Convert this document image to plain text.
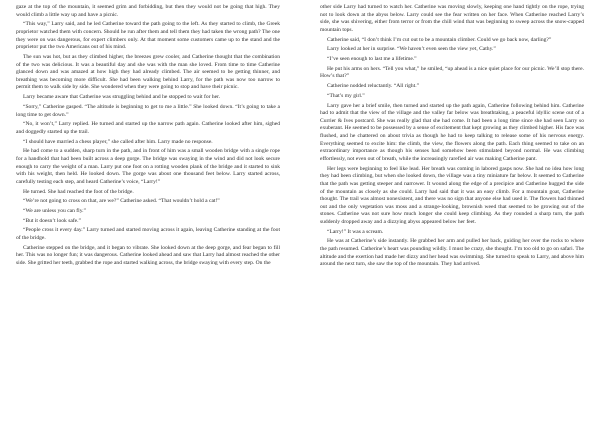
gaze at the top of the mountain, it seemed grim and forbidding, but then they would not be going that high. They would climb a little way up and have a picnic.

“This way,” Larry said, and he led Catherine toward the path going to the left. As they started to climb, the Greek proprietor watched them with concern. Should he run after them and tell them they had taken the wrong path? The one they were on was dangerous, for expert climbers only. At that moment some customers came up to the stand and the proprietor put the two Americans out of his mind.

The sun was hot, but as they climbed higher, the breezes grew cooler, and Catherine thought that the combination of the two was delicious. It was a beautiful day and she was with the man she loved. From time to time Catherine glanced down and was amazed at how high they had already climbed. The air seemed to be getting thinner, and breathing was becoming more difficult. She had been walking behind Larry, for the path was now too narrow to permit them to walk side by side. She wondered when they were going to stop and have their picnic.

Larry became aware that Catherine was struggling behind and he stopped to wait for her.

“Sorry,” Catherine gasped. “The altitude is beginning to get to me a little.” She looked down. “It’s going to take a long time to get down.”

“No, it won’t,” Larry replied. He turned and started up the narrow path again. Catherine looked after him, sighed and doggedly started up the trail.

“I should have married a chess player,” she called after him. Larry made no response.

He had come to a sudden, sharp turn in the path, and in front of him was a small wooden bridge with a single rope for a handhold that had been built across a deep gorge. The bridge was swaying in the wind and did not look secure enough to carry the weight of a man. Larry put one foot on a rotting wooden plank of the bridge and it started to sink with his weight, then held. He looked down. The gorge was about one thousand feet below. Larry started across, carefully testing each step, and heard Catherine’s voice, “Larry!”

He turned. She had reached the foot of the bridge.

“We’re not going to cross on that, are we?” Catherine asked. “That wouldn’t hold a cat!”

“We are unless you can fly.”

“But it doesn’t look safe.”

“People cross it every day.” Larry turned and started moving across it again, leaving Catherine standing at the foot of the bridge.

Catherine stepped on the bridge, and it began to vibrate. She looked down at the deep gorge, and fear began to fill her. This was no longer fun; it was dangerous. Catherine looked ahead and saw that Larry had almost reached the other side. She gritted her teeth, grabbed the rope and started walking across, the bridge swaying with every step. On the

other side Larry had turned to watch her. Catherine was moving slowly, keeping one hand tightly on the rope, trying not to look down at the abyss below. Larry could see the fear written on her face. When Catherine reached Larry’s side, she was shivering, either from terror or from the chill wind that was beginning to sweep across the snow-capped mountain tops.

Catherine said, “I don’t think I’m cut out to be a mountain climber. Could we go back now, darling?”

Larry looked at her in surprise. “We haven’t even seen the view yet, Cathy.”

“I’ve seen enough to last me a lifetime.”

He put his arms on hers. “Tell you what,” he smiled, “up ahead is a nice quiet place for our picnic. We’ll stop there. How’s that?”

Catherine nodded reluctantly. “All right.”

“That’s my girl.”

Larry gave her a brief smile, then turned and started up the path again, Catherine following behind him. Catherine had to admit that the view of the village and the valley far below was breathtaking, a peaceful idyllic scene out of a Currier & Ives postcard. She was really glad that she had come. It had been a long time since she had seen Larry so exuberant. He seemed to be possessed by a sense of excitement that kept growing as they climbed higher. His face was flushed, and he chattered on about trivia as though he had to keep talking to release some of his nervous energy. Everything seemed to excite him: the climb, the view, the flowers along the path. Each thing seemed to take on an extraordinary importance as though his senses had somehow been stimulated beyond normal. He was climbing effortlessly, not even out of breath, while the increasingly rarefied air was making Catherine pant.

Her legs were beginning to feel like lead. Her breath was coming in labored gasps now. She had no idea how long they had been climbing, but when she looked down, the village was a tiny miniature far below. It seemed to Catherine that the path was getting steeper and narrower. It wound along the edge of a precipice and Catherine hugged the side of the mountain as closely as she could. Larry had said that it was an easy climb. For a mountain goat, Catherine thought. The trail was almost nonexistent, and there was no sign that anyone else had used it. The flowers had thinned out and the only vegetation was moss and a strange-looking, brownish weed that seemed to be growing out of the stones. Catherine was not sure how much longer she could keep climbing. As they rounded a sharp turn, the path suddenly dropped away and a dizzying abyss appeared below her feet.

“Larry!” It was a scream.

He was at Catherine’s side instantly. He grabbed her arm and pulled her back, guiding her over the rocks to where the path resumed. Catherine’s heart was pounding wildly. I must be crazy, she thought. I’m too old to go on safari. The altitude and the exertion had made her dizzy and her head was swimming. She turned to speak to Larry, and above him around the next turn, she saw the top of the mountain. They had arrived.
